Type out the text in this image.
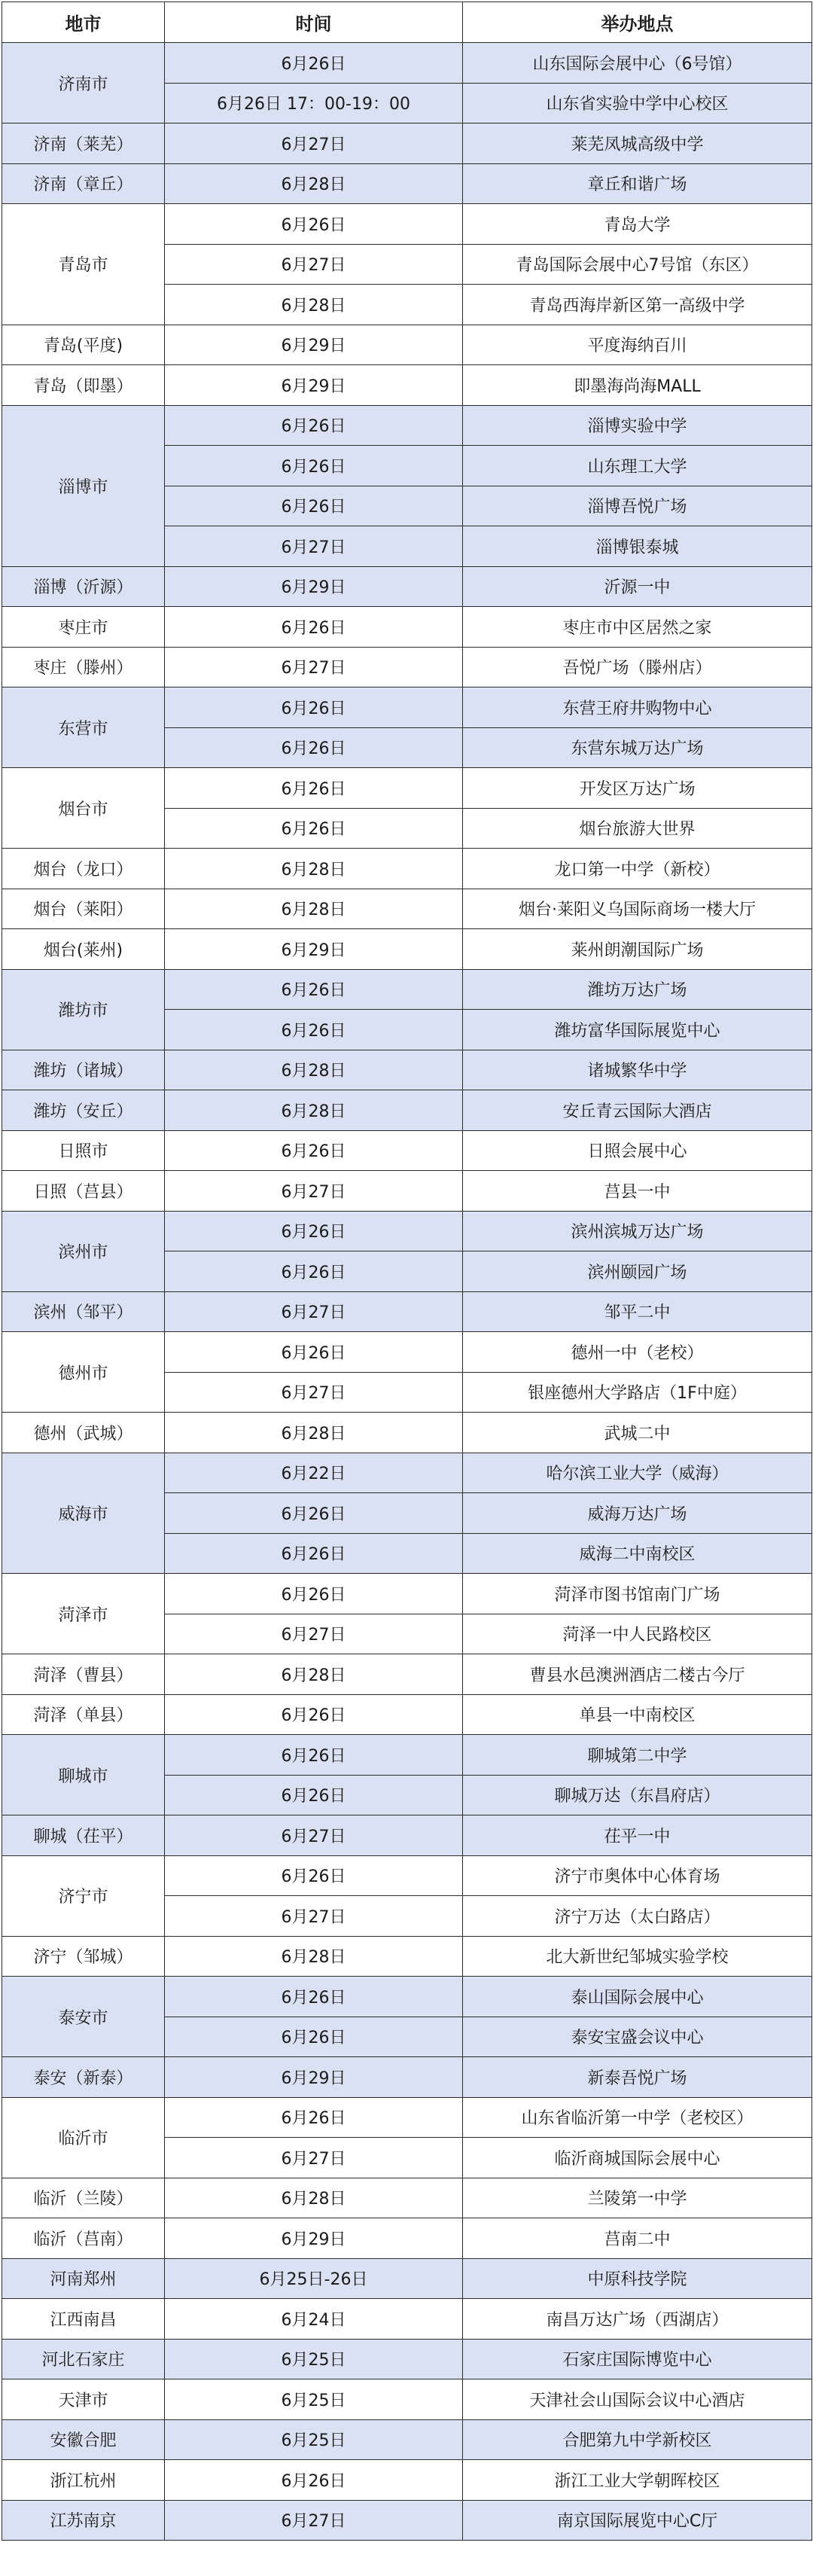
地市	时间	举办地点
济南市	6月26日	山东国际会展中心（6号馆）
	6月26日 17：00-19：00	山东省实验中学中心校区
济南（莱芜）	6月27日	莱芜凤城高级中学
济南（章丘）	6月28日	章丘和谐广场
青岛市	6月26日	青岛大学
	6月27日	青岛国际会展中心7号馆（东区）
	6月28日	青岛西海岸新区第一高级中学
青岛(平度)	6月29日	平度海纳百川
青岛（即墨）	6月29日	即墨海尚海MALL
淄博市	6月26日	淄博实验中学
	6月26日	山东理工大学
	6月26日	淄博吾悦广场
	6月27日	淄博银泰城
淄博（沂源）	6月29日	沂源一中
枣庄市	6月26日	枣庄市中区居然之家
枣庄（滕州）	6月27日	吾悦广场（滕州店）
东营市	6月26日	东营王府井购物中心
	6月26日	东营东城万达广场
烟台市	6月26日	开发区万达广场
	6月26日	烟台旅游大世界
烟台（龙口）	6月28日	龙口第一中学（新校）
烟台（莱阳）	6月28日	烟台·莱阳义乌国际商场一楼大厅
烟台(莱州)	6月29日	莱州朗潮国际广场
潍坊市	6月26日	潍坊万达广场
	6月26日	潍坊富华国际展览中心
潍坊（诸城）	6月28日	诸城繁华中学
潍坊（安丘）	6月28日	安丘青云国际大酒店
日照市	6月26日	日照会展中心
日照（莒县）	6月27日	莒县一中
滨州市	6月26日	滨州滨城万达广场
	6月26日	滨州颐园广场
滨州（邹平）	6月27日	邹平二中
德州市	6月26日	德州一中（老校）
	6月27日	银座德州大学路店（1F中庭）
德州（武城）	6月28日	武城二中
威海市	6月22日	哈尔滨工业大学（威海）
	6月26日	威海万达广场
	6月26日	威海二中南校区
菏泽市	6月26日	菏泽市图书馆南门广场
	6月27日	菏泽一中人民路校区
菏泽（曹县）	6月28日	曹县水邑澳洲酒店二楼古今厅
菏泽（单县）	6月26日	单县一中南校区
聊城市	6月26日	聊城第二中学
	6月26日	聊城万达（东昌府店）
聊城（茌平）	6月27日	茌平一中
济宁市	6月26日	济宁市奥体中心体育场
	6月27日	济宁万达（太白路店）
济宁（邹城）	6月28日	北大新世纪邹城实验学校
泰安市	6月26日	泰山国际会展中心
	6月26日	泰安宝盛会议中心
泰安（新泰）	6月29日	新泰吾悦广场
临沂市	6月26日	山东省临沂第一中学（老校区）
	6月27日	临沂商城国际会展中心
临沂（兰陵）	6月28日	兰陵第一中学
临沂（莒南）	6月29日	莒南二中
河南郑州	6月25日-26日	中原科技学院
江西南昌	6月24日	南昌万达广场（西湖店）
河北石家庄	6月25日	石家庄国际博览中心
天津市	6月25日	天津社会山国际会议中心酒店
安徽合肥	6月25日	合肥第九中学新校区
浙江杭州	6月26日	浙江工业大学朝晖校区
江苏南京	6月27日	南京国际展览中心C厅
